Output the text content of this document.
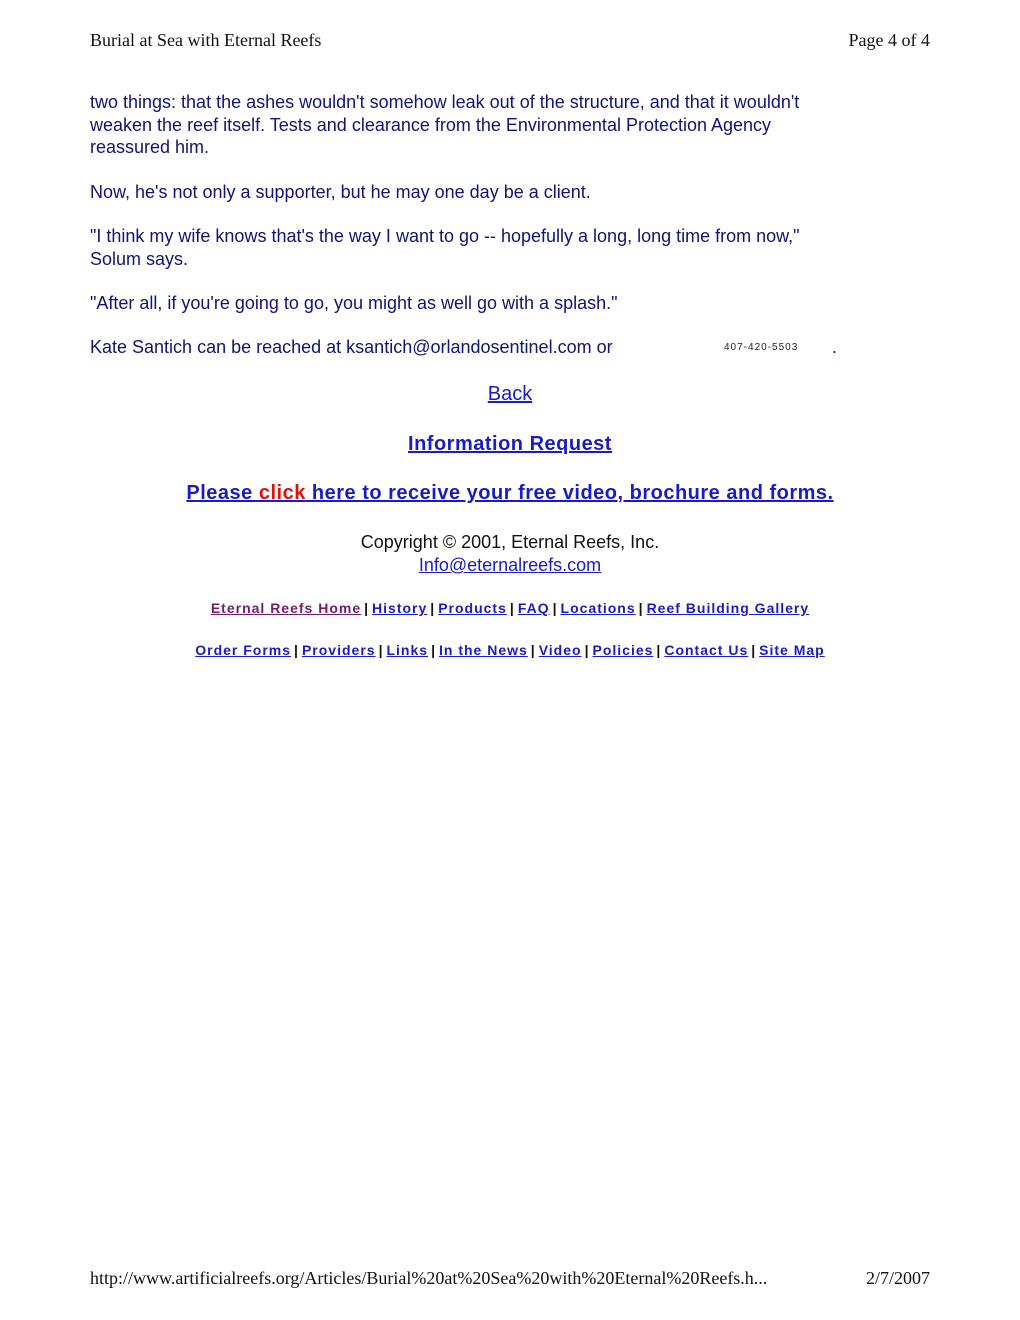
Burial at Sea with Eternal Reefs	Page 4 of 4

two things: that the ashes wouldn't somehow leak out of the structure, and that it wouldn't weaken the reef itself. Tests and clearance from the Environmental Protection Agency reassured him.

Now, he's not only a supporter, but he may one day be a client.

"I think my wife knows that's the way I want to go -- hopefully a long, long time from now," Solum says.

"After all, if you're going to go, you might as well go with a splash."

Kate Santich can be reached at ksantich@orlandosentinel.com or	407-420-5503 .
Back
Information Request
Please click here to receive your free video, brochure and forms.
Copyright © 2001, Eternal Reefs, Inc.
Info@eternalreefs.com
Eternal Reefs Home | History | Products | FAQ | Locations | Reef Building Gallery
Order Forms | Providers | Links | In the News | Video | Policies | Contact Us | Site Map
http://www.artificialreefs.org/Articles/Burial%20at%20Sea%20with%20Eternal%20Reefs.h...	2/7/2007
